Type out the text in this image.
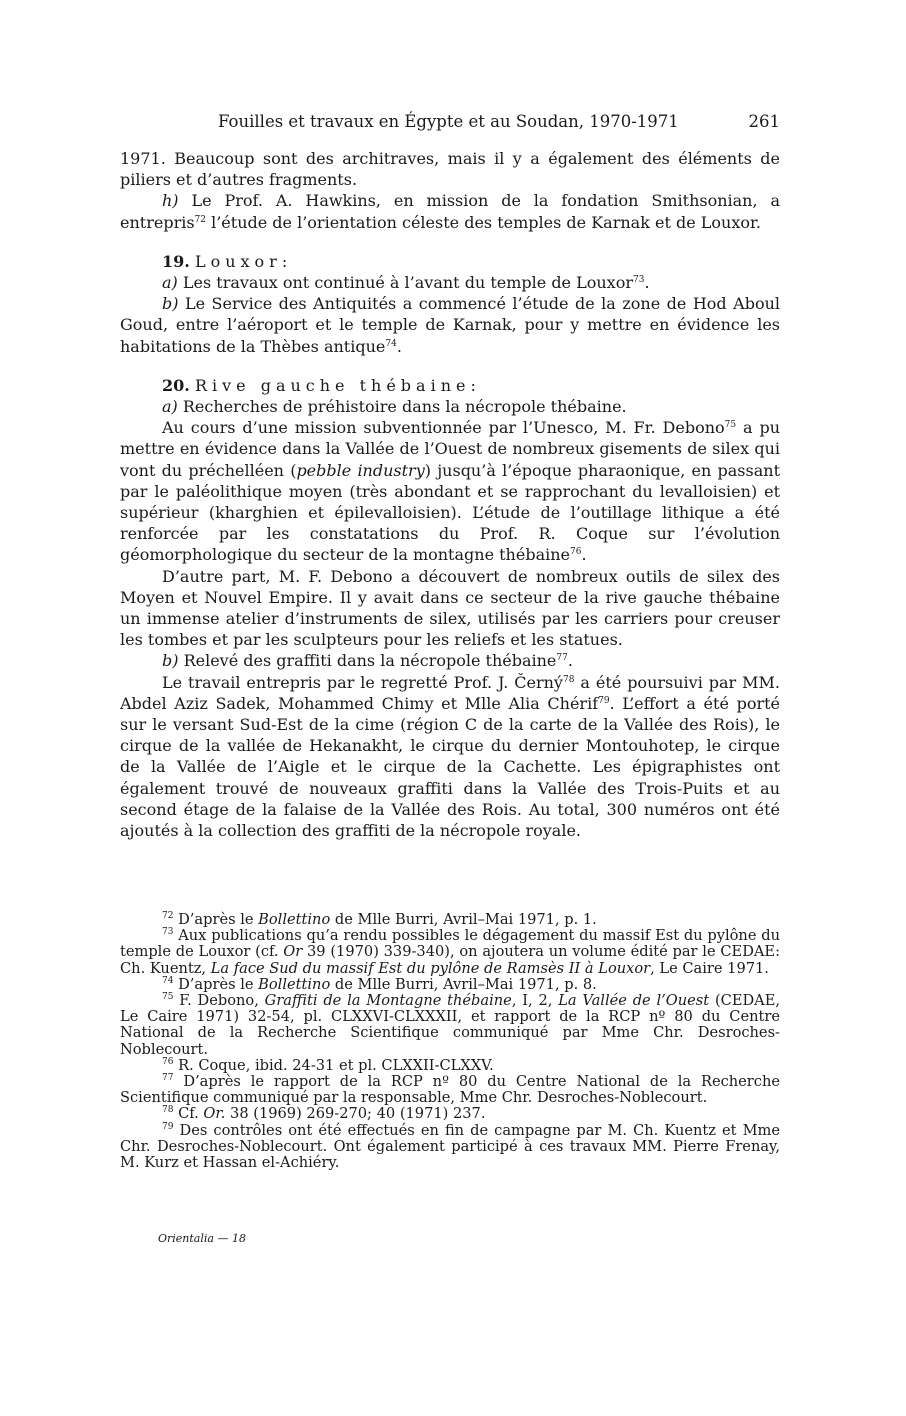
Fouilles et travaux en Égypte et au Soudan, 1970-1971	261

1971. Beaucoup sont des architraves, mais il y a également des éléments de piliers et d’autres fragments.

h) Le Prof. A. Hawkins, en mission de la fondation Smithsonian, a entrepris$^{72}$ l’étude de l’orientation céleste des temples de Karnak et de Louxor.

19. Louxor:

a) Les travaux ont continué à l’avant du temple de Louxor$^{73}$.

b) Le Service des Antiquités a commencé l’étude de la zone de Hod Aboul Goud, entre l’aéroport et le temple de Karnak, pour y mettre en évidence les habitations de la Thèbes antique$^{74}$.

20. Rive gauche thébaine:

a) Recherches de préhistoire dans la nécropole thébaine.

Au cours d’une mission subventionnée par l’Unesco, M. Fr. Debono$^{75}$ a pu mettre en évidence dans la Vallée de l’Ouest de nombreux gisements de silex qui vont du préchelléen (pebble industry) jusqu’à l’époque pharaonique, en passant par le paléolithique moyen (très abondant et se rapprochant du levalloisien) et supérieur (kharghien et épilevalloisien). L’étude de l’outillage lithique a été renforcée par les constatations du Prof. R. Coque sur l’évolution géomorphologique du secteur de la montagne thébaine$^{76}$.

D’autre part, M. F. Debono a découvert de nombreux outils de silex des Moyen et Nouvel Empire. Il y avait dans ce secteur de la rive gauche thébaine un immense atelier d’instruments de silex, utilisés par les carriers pour creuser les tombes et par les sculpteurs pour les reliefs et les statues.

b) Relevé des graffiti dans la nécropole thébaine$^{77}$.

Le travail entrepris par le regretté Prof. J. Černý$^{78}$ a été poursuivi par MM. Abdel Aziz Sadek, Mohammed Chimy et Mlle Alia Chérif$^{79}$. L’effort a été porté sur le versant Sud-Est de la cime (région C de la carte de la Vallée des Rois), le cirque de la vallée de Hekanakht, le cirque du dernier Montouhotep, le cirque de la Vallée de l’Aigle et le cirque de la Cachette. Les épigraphistes ont également trouvé de nouveaux graffiti dans la Vallée des Trois-Puits et au second étage de la falaise de la Vallée des Rois. Au total, 300 numéros ont été ajoutés à la collection des graffiti de la nécropole royale.

$^{72}$ D’après le Bollettino de Mlle Burri, Avril–Mai 1971, p. 1.

$^{73}$ Aux publications qu’a rendu possibles le dégagement du massif Est du pylône du temple de Louxor (cf. Or 39 (1970) 339-340), on ajoutera un volume édité par le CEDAE: Ch. Kuentz, La face Sud du massif Est du pylône de Ramsès II à Louxor, Le Caire 1971.

$^{74}$ D’après le Bollettino de Mlle Burri, Avril–Mai 1971, p. 8.

$^{75}$ F. Debono, Graffiti de la Montagne thébaine, I, 2, La Vallée de l’Ouest (CEDAE, Le Caire 1971) 32-54, pl. CLXXVI-CLXXXII, et rapport de la RCP nº 80 du Centre National de la Recherche Scientifique communiqué par Mme Chr. Desroches-Noblecourt.

$^{76}$ R. Coque, ibid. 24-31 et pl. CLXXII-CLXXV.

$^{77}$ D’après le rapport de la RCP nº 80 du Centre National de la Recherche Scientifique communiqué par la responsable, Mme Chr. Desroches-Noblecourt.

$^{78}$ Cf. Or. 38 (1969) 269-270; 40 (1971) 237.

$^{79}$ Des contrôles ont été effectués en fin de campagne par M. Ch. Kuentz et Mme Chr. Desroches-Noblecourt. Ont également participé à ces travaux MM. Pierre Frenay, M. Kurz et Hassan el-Achiéry.

Orientalia — 18
